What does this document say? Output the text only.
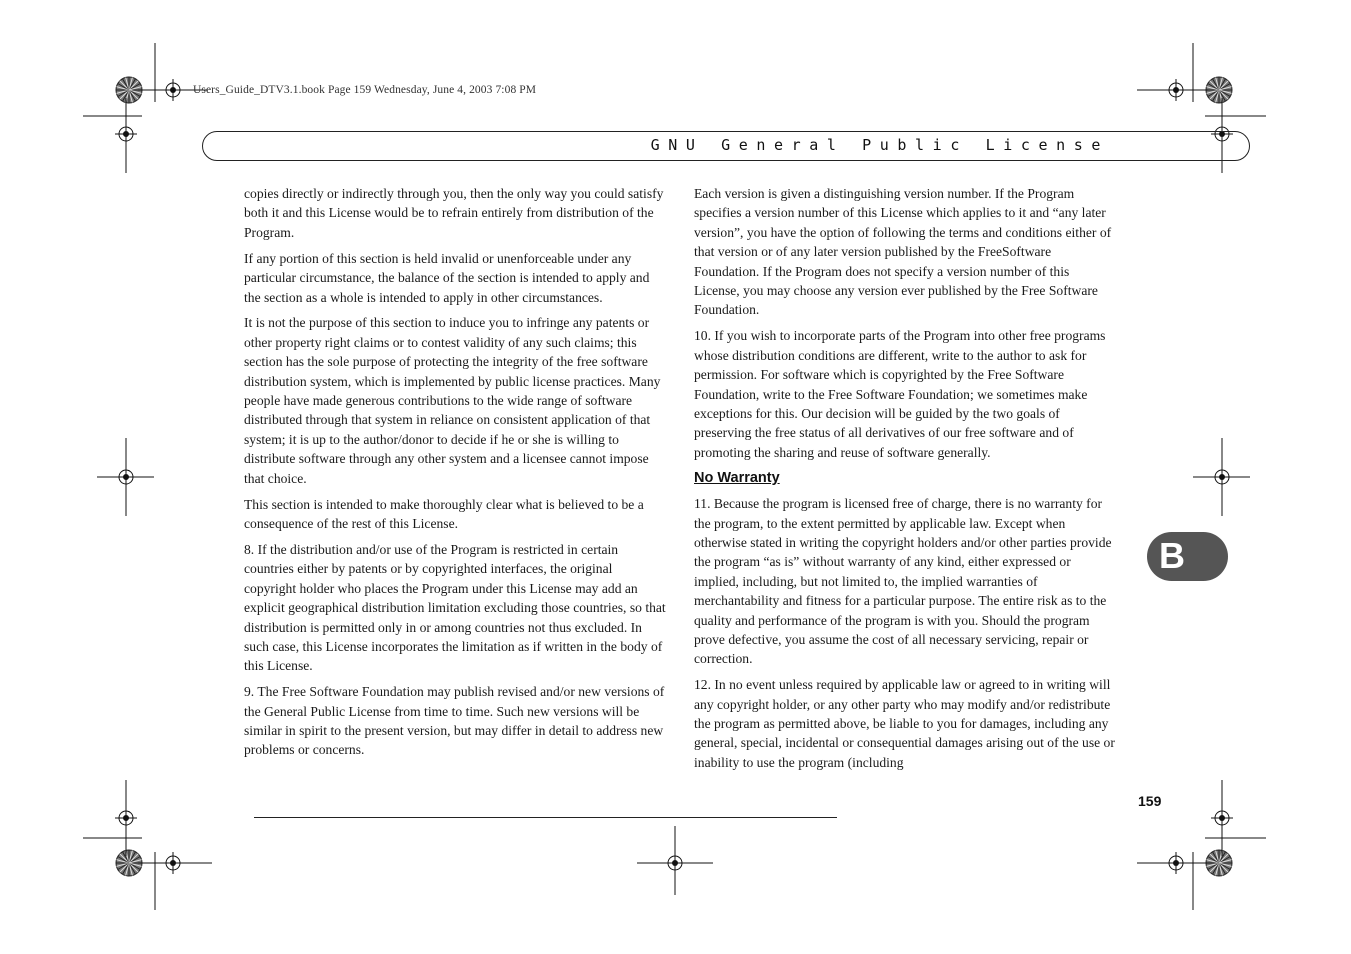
Users_Guide_DTV3.1.book Page 159 Wednesday, June 4, 2003 7:08 PM
GNU General Public License

copies directly or indirectly through you, then the only way you could satisfy both it and this License would be to refrain entirely from distribution of the Program.

If any portion of this section is held invalid or unenforceable under any particular circumstance, the balance of the section is intended to apply and the section as a whole is intended to apply in other circumstances.

It is not the purpose of this section to induce you to infringe any patents or other property right claims or to contest validity of any such claims; this section has the sole purpose of protecting the integrity of the free software distribution system, which is implemented by public license practices. Many people have made generous contributions to the wide range of software distributed through that system in reliance on consistent application of that system; it is up to the author/donor to decide if he or she is willing to distribute software through any other system and a licensee cannot impose that choice.

This section is intended to make thoroughly clear what is believed to be a consequence of the rest of this License.

8. If the distribution and/or use of the Program is restricted in certain countries either by patents or by copyrighted interfaces, the original copyright holder who places the Program under this License may add an explicit geographical distribution limitation excluding those countries, so that distribution is permitted only in or among countries not thus excluded. In such case, this License incorporates the limitation as if written in the body of this License.

9. The Free Software Foundation may publish revised and/or new versions of the General Public License from time to time. Such new versions will be similar in spirit to the present version, but may differ in detail to address new problems or concerns.

Each version is given a distinguishing version number. If the Program specifies a version number of this License which applies to it and “any later version”, you have the option of following the terms and conditions either of that version or of any later version published by the FreeSoftware Foundation. If the Program does not specify a version number of this License, you may choose any version ever published by the Free Software Foundation.

10. If you wish to incorporate parts of the Program into other free programs whose distribution conditions are different, write to the author to ask for permission. For software which is copyrighted by the Free Software Foundation, write to the Free Software Foundation; we sometimes make exceptions for this. Our decision will be guided by the two goals of preserving the free status of all derivatives of our free software and of promoting the sharing and reuse of software generally.

No Warranty

11. Because the program is licensed free of charge, there is no warranty for the program, to the extent permitted by applicable law. Except when otherwise stated in writing the copyright holders and/or other parties provide the program “as is” without warranty of any kind, either expressed or implied, including, but not limited to, the implied warranties of merchantability and fitness for a particular purpose. The entire risk as to the quality and performance of the program is with you. Should the program prove defective, you assume the cost of all necessary servicing, repair or correction.

12. In no event unless required by applicable law or agreed to in writing will any copyright holder, or any other party who may modify and/or redistribute the program as permitted above, be liable to you for damages, including any general, special, incidental or consequential damages arising out of the use or inability to use the program (including

B
159
